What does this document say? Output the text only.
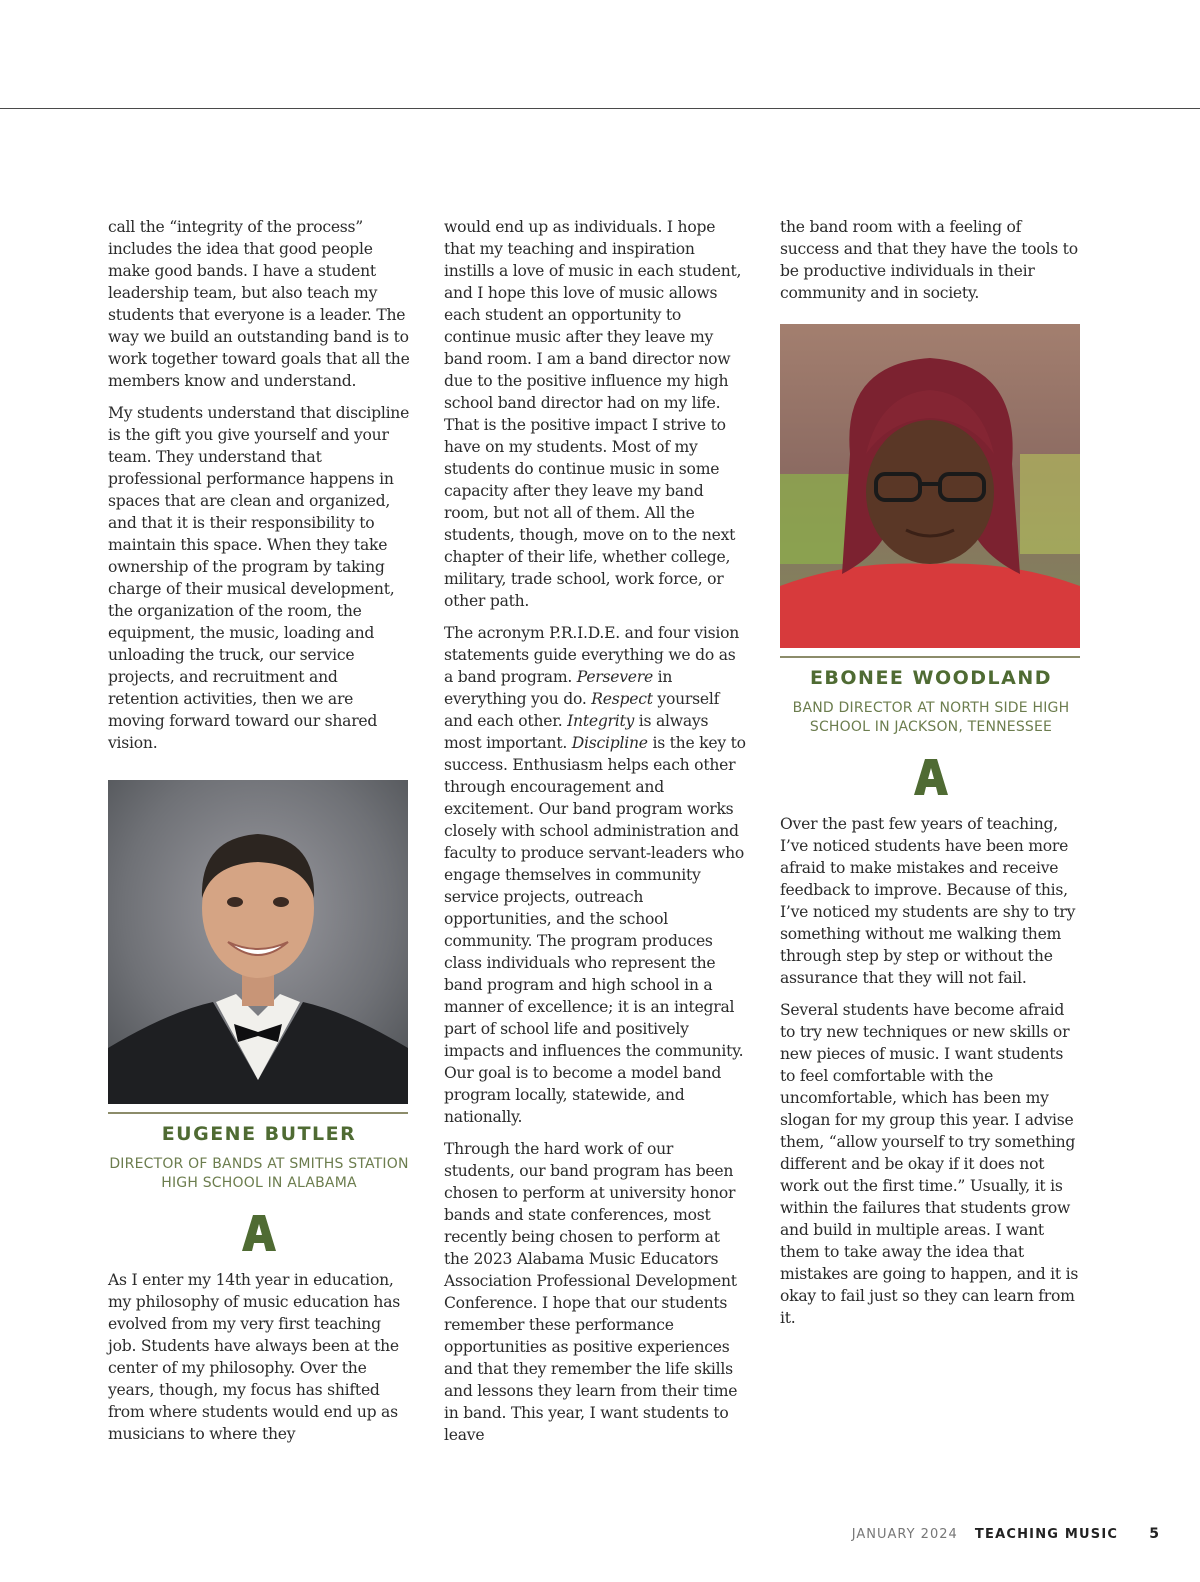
call the “integrity of the process” includes the idea that good people make good bands. I have a student leadership team, but also teach my students that everyone is a leader. The way we build an outstanding band is to work together toward goals that all the members know and understand.

My students understand that discipline is the gift you give yourself and your team. They understand that professional performance happens in spaces that are clean and organized, and that it is their responsibility to maintain this space. When they take ownership of the program by taking charge of their musical development, the organization of the room, the equipment, the music, loading and unloading the truck, our service projects, and recruitment and retention activities, then we are moving forward toward our shared vision.

EUGENE BUTLER
DIRECTOR OF BANDS AT SMITHS STATION HIGH SCHOOL IN ALABAMA

As I enter my 14th year in education, my philosophy of music education has evolved from my very first teaching job. Students have always been at the center of my philosophy. Over the years, though, my focus has shifted from where students would end up as musicians to where they

would end up as individuals. I hope that my teaching and inspiration instills a love of music in each student, and I hope this love of music allows each student an opportunity to continue music after they leave my band room. I am a band director now due to the positive influence my high school band director had on my life. That is the positive impact I strive to have on my students. Most of my students do continue music in some capacity after they leave my band room, but not all of them. All the students, though, move on to the next chapter of their life, whether college, military, trade school, work force, or other path.

The acronym P.R.I.D.E. and four vision statements guide everything we do as a band program. Persevere in everything you do. Respect yourself and each other. Integrity is always most important. Discipline is the key to success. Enthusiasm helps each other through encouragement and excitement. Our band program works closely with school administration and faculty to produce servant-leaders who engage themselves in community service projects, outreach opportunities, and the school community. The program produces class individuals who represent the band program and high school in a manner of excellence; it is an integral part of school life and positively impacts and influences the community. Our goal is to become a model band program locally, statewide, and nationally.

Through the hard work of our students, our band program has been chosen to perform at university honor bands and state conferences, most recently being chosen to perform at the 2023 Alabama Music Educators Association Professional Development Conference. I hope that our students remember these performance opportunities as positive experiences and that they remember the life skills and lessons they learn from their time in band. This year, I want students to leave

the band room with a feeling of success and that they have the tools to be productive individuals in their community and in society.

EBONEE WOODLAND
BAND DIRECTOR AT NORTH SIDE HIGH SCHOOL IN JACKSON, TENNESSEE

Over the past few years of teaching, I’ve noticed students have been more afraid to make mistakes and receive feedback to improve. Because of this, I’ve noticed my students are shy to try something without me walking them through step by step or without the assurance that they will not fail.

Several students have become afraid to try new techniques or new skills or new pieces of music. I want students to feel comfortable with the uncomfortable, which has been my slogan for my group this year. I advise them, “allow yourself to try something different and be okay if it does not work out the first time.” Usually, it is within the failures that students grow and build in multiple areas. I want them to take away the idea that mistakes are going to happen, and it is okay to fail just so they can learn from it.

JANUARY 2024 TEACHING MUSIC 5
